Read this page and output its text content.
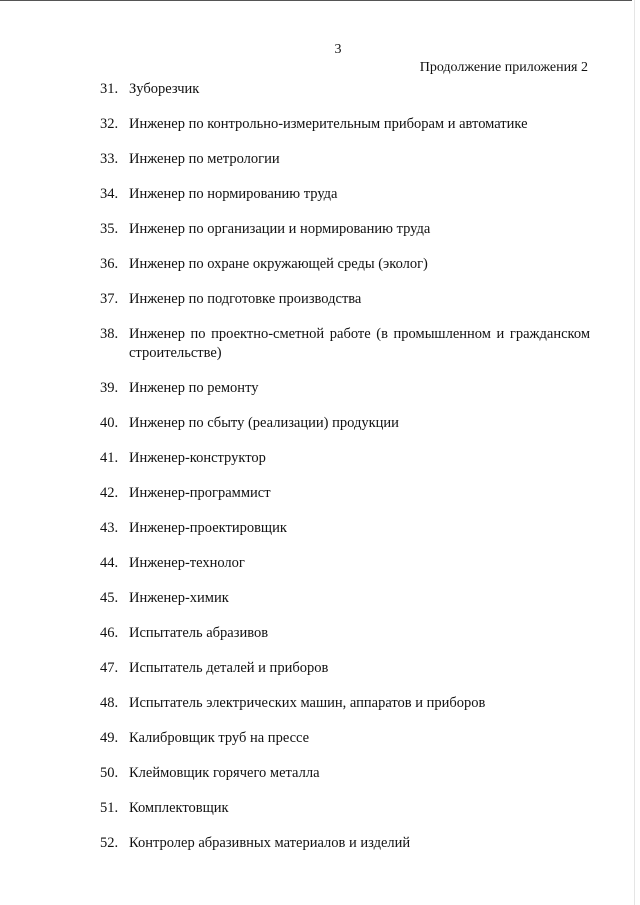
3
Продолжение приложения 2
31. Зуборезчик
32. Инженер по контрольно-измерительным приборам и автоматике
33. Инженер по метрологии
34. Инженер по нормированию труда
35. Инженер по организации и нормированию труда
36. Инженер по охране окружающей среды (эколог)
37. Инженер по подготовке производства
38. Инженер по проектно-сметной работе (в промышленном и гражданском строительстве)
39. Инженер по ремонту
40. Инженер по сбыту (реализации) продукции
41. Инженер-конструктор
42. Инженер-программист
43. Инженер-проектировщик
44. Инженер-технолог
45. Инженер-химик
46. Испытатель абразивов
47. Испытатель деталей и приборов
48. Испытатель электрических машин, аппаратов и приборов
49. Калибровщик труб на прессе
50. Клеймовщик горячего металла
51. Комплектовщик
52. Контролер абразивных материалов и изделий
